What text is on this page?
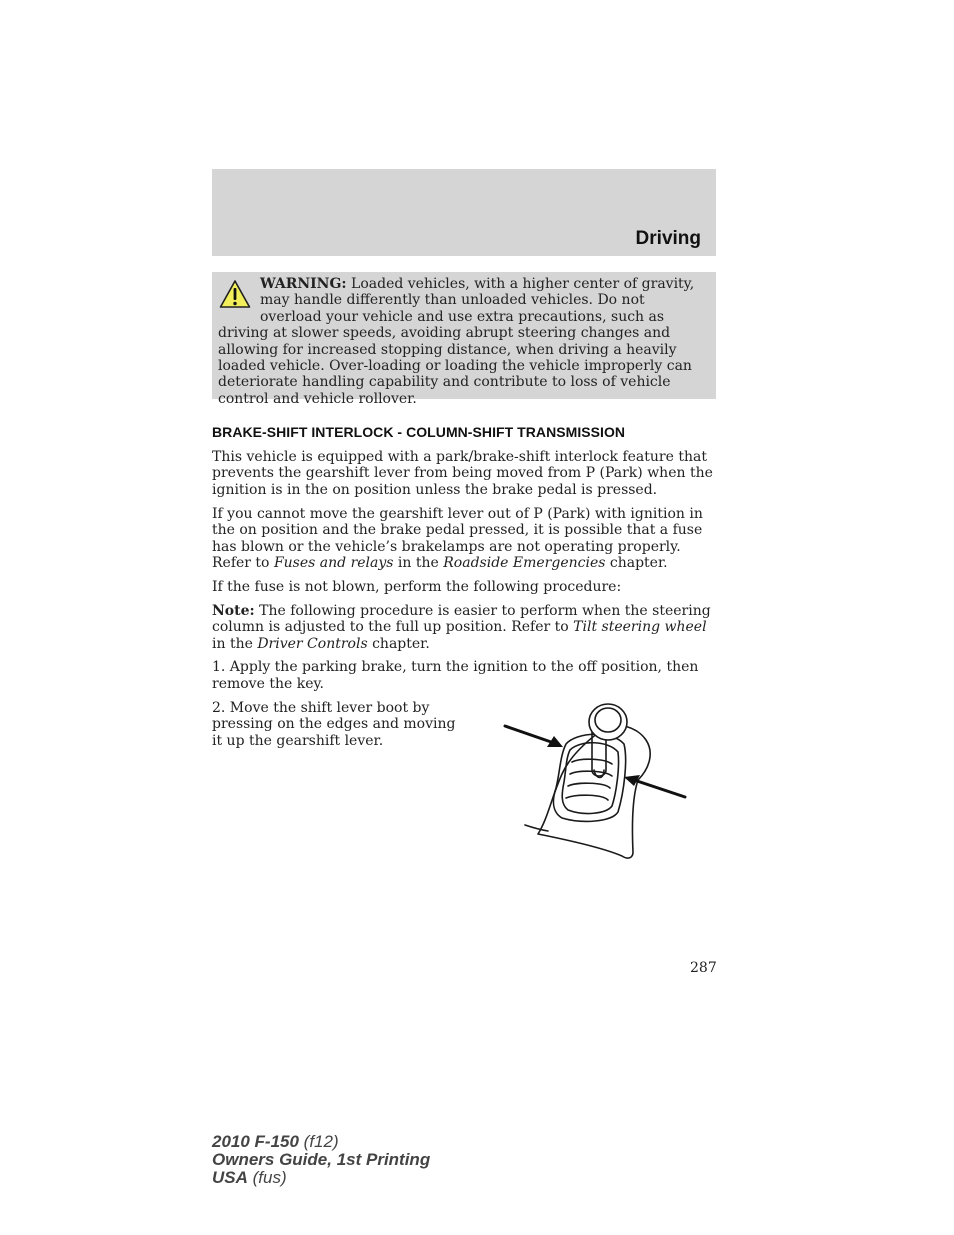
Driving
WARNING: Loaded vehicles, with a higher center of gravity, may handle differently than unloaded vehicles. Do not overload your vehicle and use extra precautions, such as driving at slower speeds, avoiding abrupt steering changes and allowing for increased stopping distance, when driving a heavily loaded vehicle. Over-loading or loading the vehicle improperly can deteriorate handling capability and contribute to loss of vehicle control and vehicle rollover.
BRAKE-SHIFT INTERLOCK - COLUMN-SHIFT TRANSMISSION

This vehicle is equipped with a park/brake-shift interlock feature that prevents the gearshift lever from being moved from P (Park) when the ignition is in the on position unless the brake pedal is pressed.

If you cannot move the gearshift lever out of P (Park) with ignition in the on position and the brake pedal pressed, it is possible that a fuse has blown or the vehicle’s brakelamps are not operating properly. Refer to Fuses and relays in the Roadside Emergencies chapter.

If the fuse is not blown, perform the following procedure:

Note: The following procedure is easier to perform when the steering column is adjusted to the full up position. Refer to Tilt steering wheel in the Driver Controls chapter.

1. Apply the parking brake, turn the ignition to the off position, then remove the key.

2. Move the shift lever boot by pressing on the edges and moving it up the gearshift lever.

287
2010 F-150 (f12)
Owners Guide, 1st Printing
USA (fus)
